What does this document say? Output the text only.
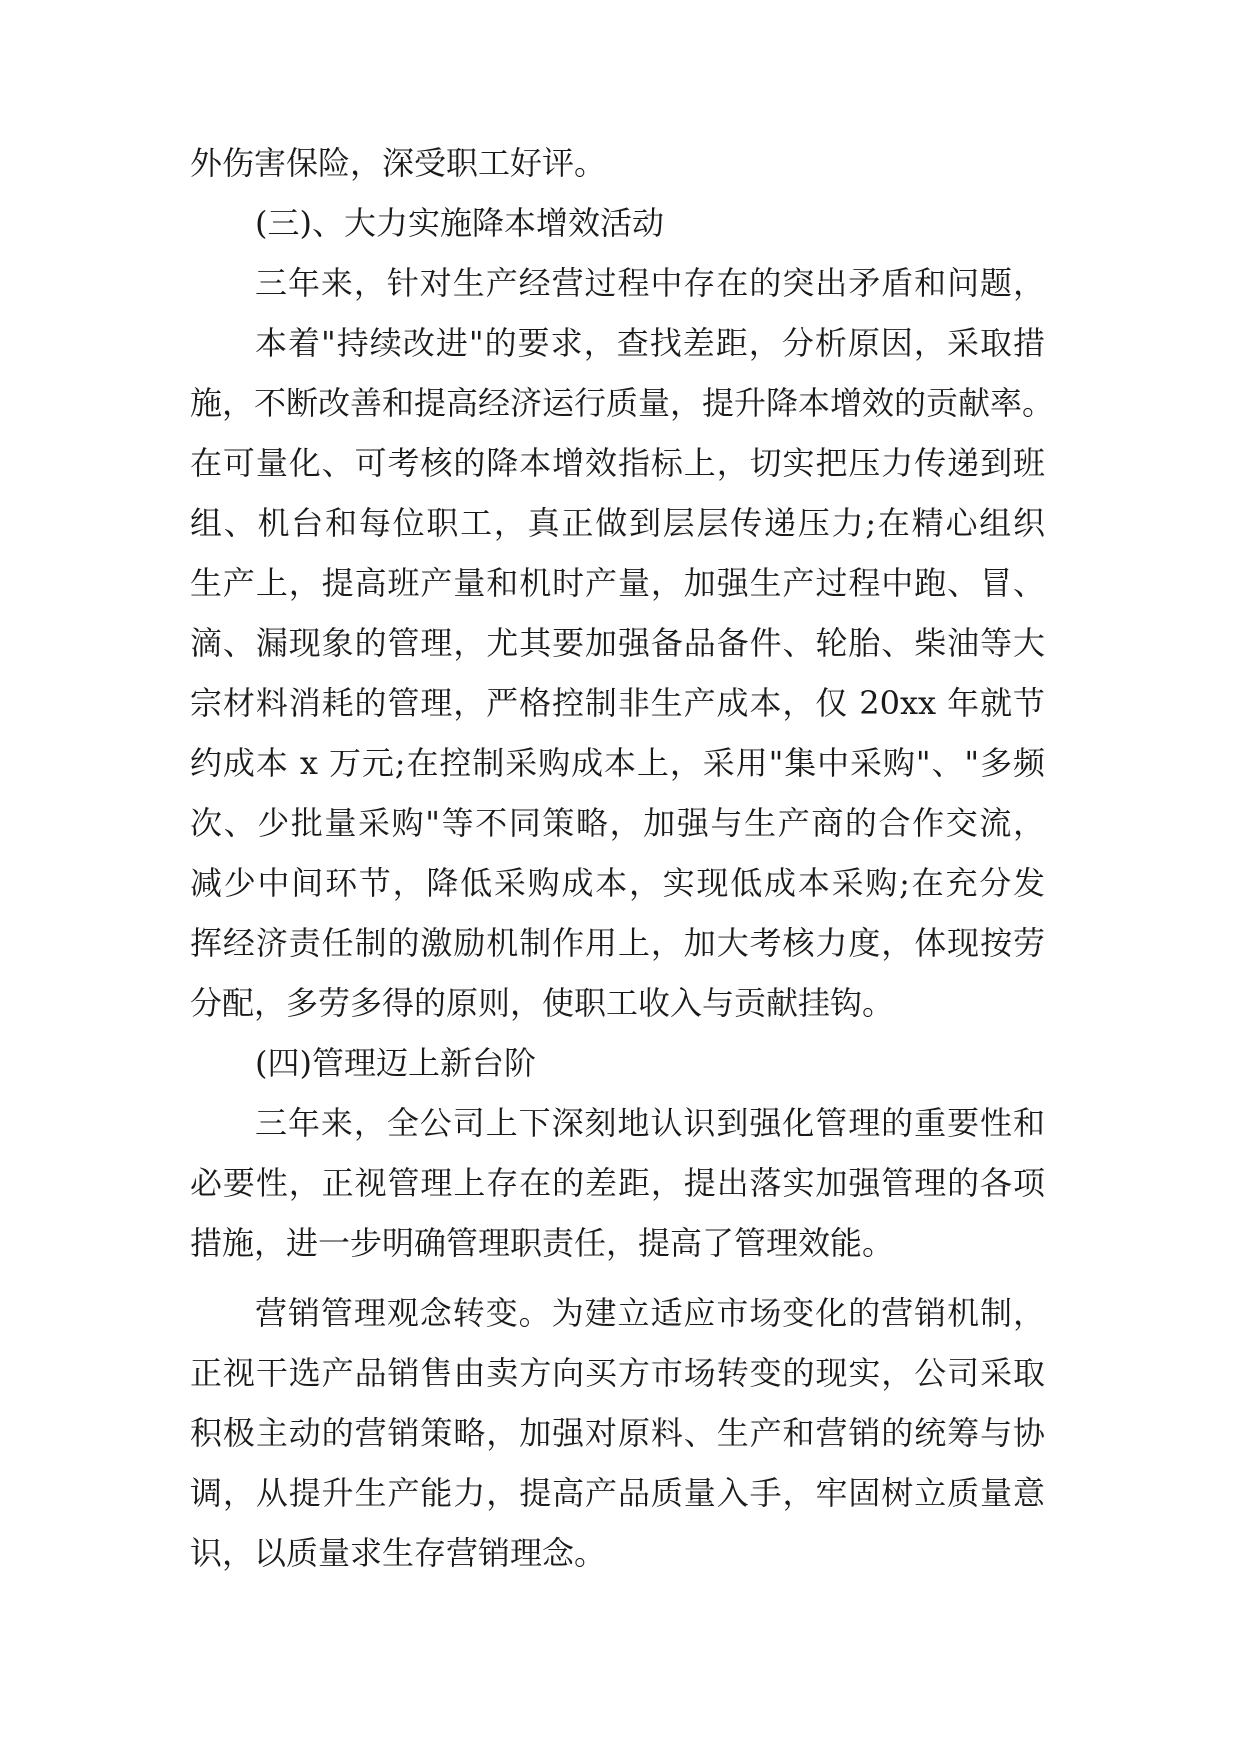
外伤害保险，深受职工好评。
(三)、大力实施降本增效活动
三年来，针对生产经营过程中存在的突出矛盾和问题，
本着"持续改进"的要求，查找差距，分析原因，采取措
施，不断改善和提高经济运行质量，提升降本增效的贡献率。
在可量化、可考核的降本增效指标上，切实把压力传递到班
组、机台和每位职工，真正做到层层传递压力;在精心组织
生产上，提高班产量和机时产量，加强生产过程中跑、冒、
滴、漏现象的管理，尤其要加强备品备件、轮胎、柴油等大
宗材料消耗的管理，严格控制非生产成本，仅 20xx 年就节
约成本 x 万元;在控制采购成本上，采用"集中采购"、"多频
次、少批量采购"等不同策略，加强与生产商的合作交流，
减少中间环节，降低采购成本，实现低成本采购;在充分发
挥经济责任制的激励机制作用上，加大考核力度，体现按劳
分配，多劳多得的原则，使职工收入与贡献挂钩。
(四)管理迈上新台阶
三年来，全公司上下深刻地认识到强化管理的重要性和
必要性，正视管理上存在的差距，提出落实加强管理的各项
措施，进一步明确管理职责任，提高了管理效能。
营销管理观念转变。为建立适应市场变化的营销机制，
正视干选产品销售由卖方向买方市场转变的现实，公司采取
积极主动的营销策略，加强对原料、生产和营销的统筹与协
调，从提升生产能力，提高产品质量入手，牢固树立质量意
识，以质量求生存营销理念。
